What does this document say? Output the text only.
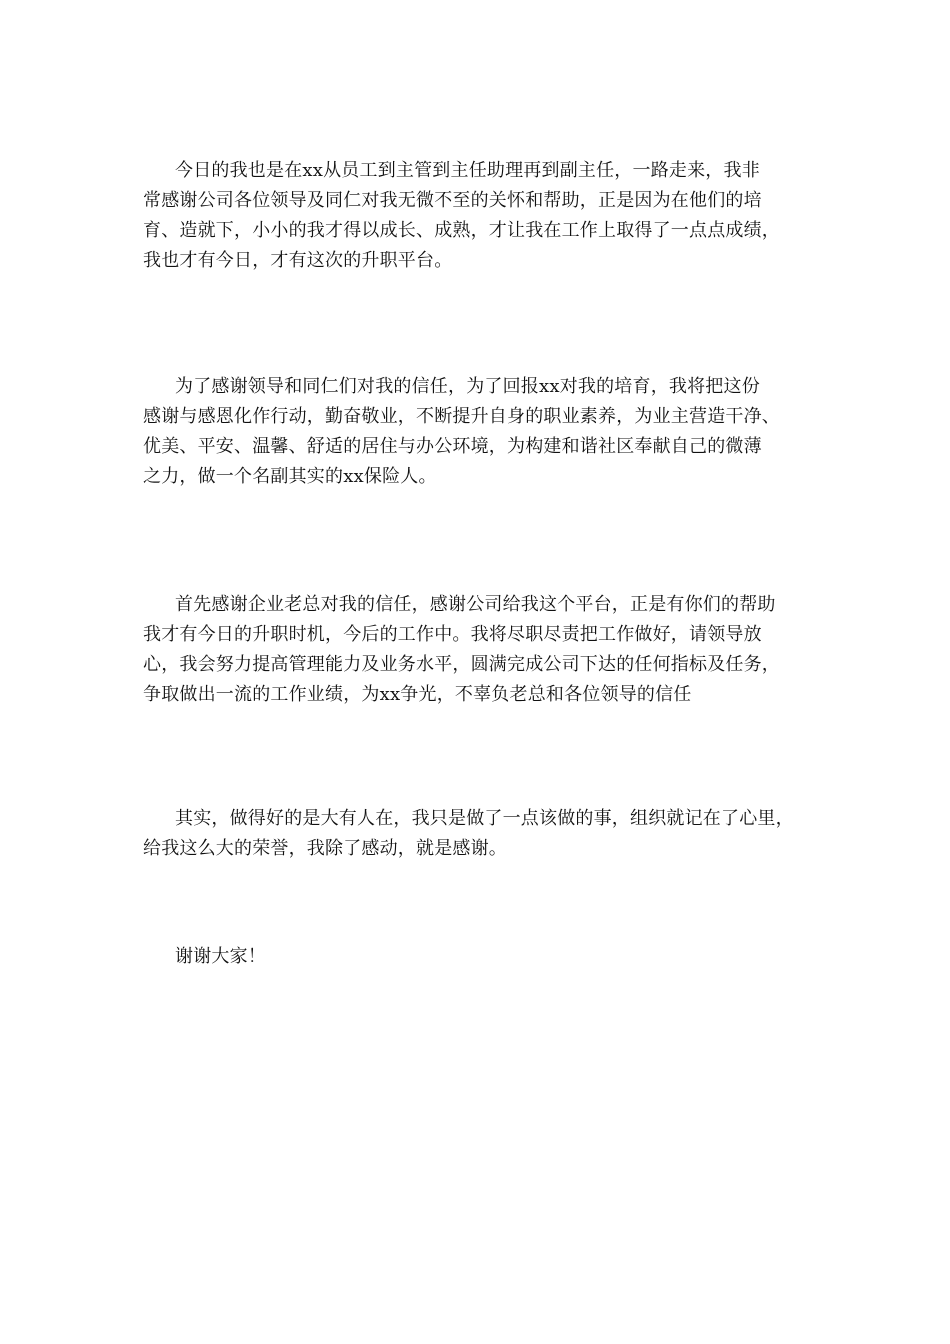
今日的我也是在xx从员工到主管到主任助理再到副主任，一路走来，我非
常感谢公司各位领导及同仁对我无微不至的关怀和帮助，正是因为在他们的培
育、造就下，小小的我才得以成长、成熟，才让我在工作上取得了一点点成绩，
我也才有今日，才有这次的升职平台。

为了感谢领导和同仁们对我的信任，为了回报xx对我的培育，我将把这份
感谢与感恩化作行动，勤奋敬业，不断提升自身的职业素养，为业主营造干净、
优美、平安、温馨、舒适的居住与办公环境，为构建和谐社区奉献自己的微薄
之力，做一个名副其实的xx保险人。

首先感谢企业老总对我的信任，感谢公司给我这个平台，正是有你们的帮助
我才有今日的升职时机，今后的工作中。我将尽职尽责把工作做好，请领导放
心，我会努力提高管理能力及业务水平，圆满完成公司下达的任何指标及任务，
争取做出一流的工作业绩，为xx争光，不辜负老总和各位领导的信任

其实，做得好的是大有人在，我只是做了一点该做的事，组织就记在了心里，
给我这么大的荣誉，我除了感动，就是感谢。

谢谢大家！
